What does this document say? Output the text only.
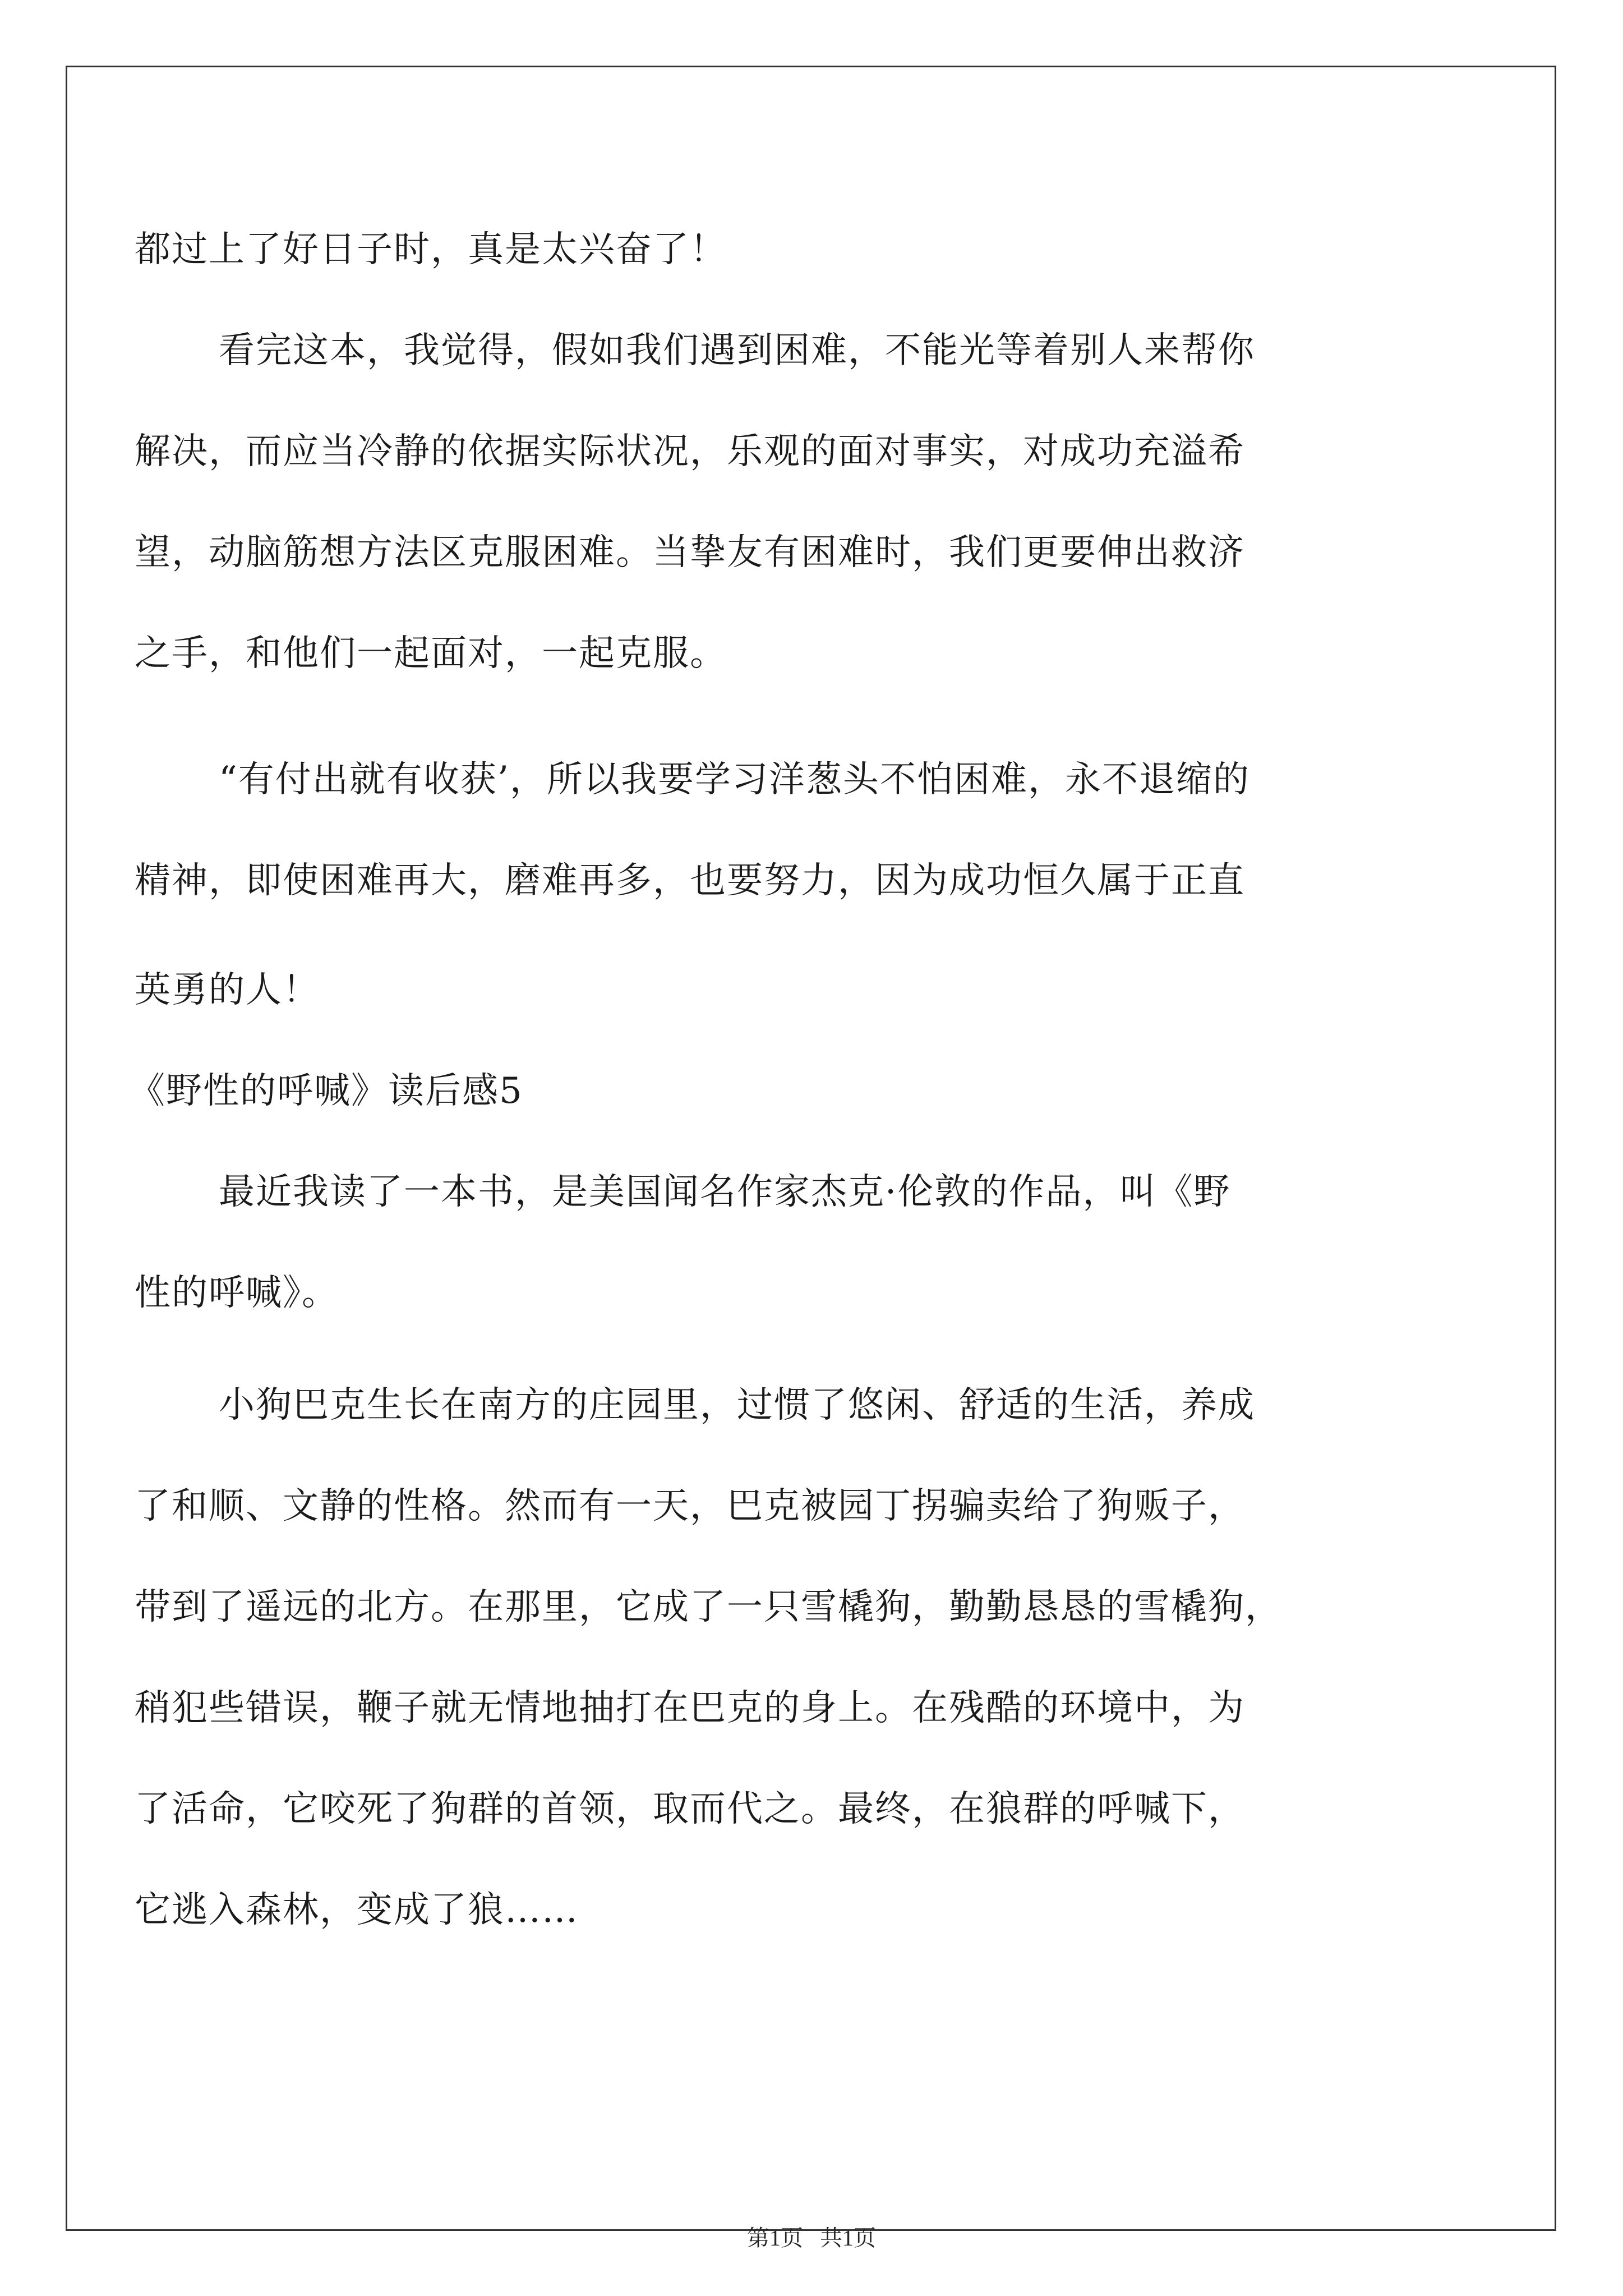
都过上了好日子时，真是太兴奋了！
看完这本，我觉得，假如我们遇到困难，不能光等着别人来帮你
解决，而应当冷静的依据实际状况，乐观的面对事实，对成功充溢希
望，动脑筋想方法区克服困难。当挚友有困难时，我们更要伸出救济
之手，和他们一起面对，一起克服。
“有付出就有收获’，所以我要学习洋葱头不怕困难，永不退缩的
精神，即使困难再大，磨难再多，也要努力，因为成功恒久属于正直
英勇的人！
《野性的呼喊》读后感5
最近我读了一本书，是美国闻名作家杰克·伦敦的作品，叫《野
性的呼喊》。
小狗巴克生长在南方的庄园里，过惯了悠闲、舒适的生活，养成
了和顺、文静的性格。然而有一天，巴克被园丁拐骗卖给了狗贩子，
带到了遥远的北方。在那里，它成了一只雪橇狗，勤勤恳恳的雪橇狗，
稍犯些错误，鞭子就无情地抽打在巴克的身上。在残酷的环境中，为
了活命，它咬死了狗群的首领，取而代之。最终，在狼群的呼喊下，
它逃入森林，变成了狼……
第1页 共1页
